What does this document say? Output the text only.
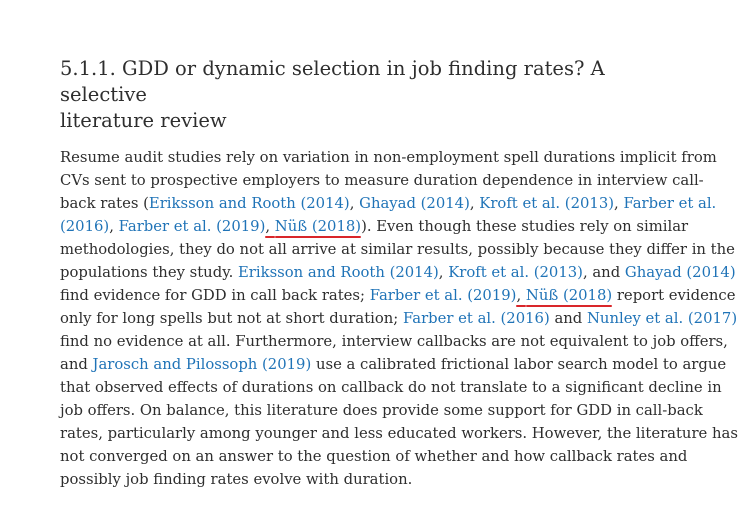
5.1.1. GDD or dynamic selection in job finding rates? A selective
literature review
Resume audit studies rely on variation in non-employment spell durations implicit from
CVs sent to prospective employers to measure duration dependence in interview call-
back rates (Eriksson and Rooth (2014), Ghayad (2014), Kroft et al. (2013), Farber et al.
(2016), Farber et al. (2019), Nüß (2018)). Even though these studies rely on similar
methodologies, they do not all arrive at similar results, possibly because they differ in the
populations they study. Eriksson and Rooth (2014), Kroft et al. (2013), and Ghayad (2014)
find evidence for GDD in call back rates; Farber et al. (2019), Nüß (2018) report evidence
only for long spells but not at short duration; Farber et al. (2016) and Nunley et al. (2017)
find no evidence at all. Furthermore, interview callbacks are not equivalent to job offers,
and Jarosch and Pilossoph (2019) use a calibrated frictional labor search model to argue
that observed effects of durations on callback do not translate to a significant decline in
job offers. On balance, this literature does provide some support for GDD in call-back
rates, particularly among younger and less educated workers. However, the literature has
not converged on an answer to the question of whether and how callback rates and
possibly job finding rates evolve with duration.
